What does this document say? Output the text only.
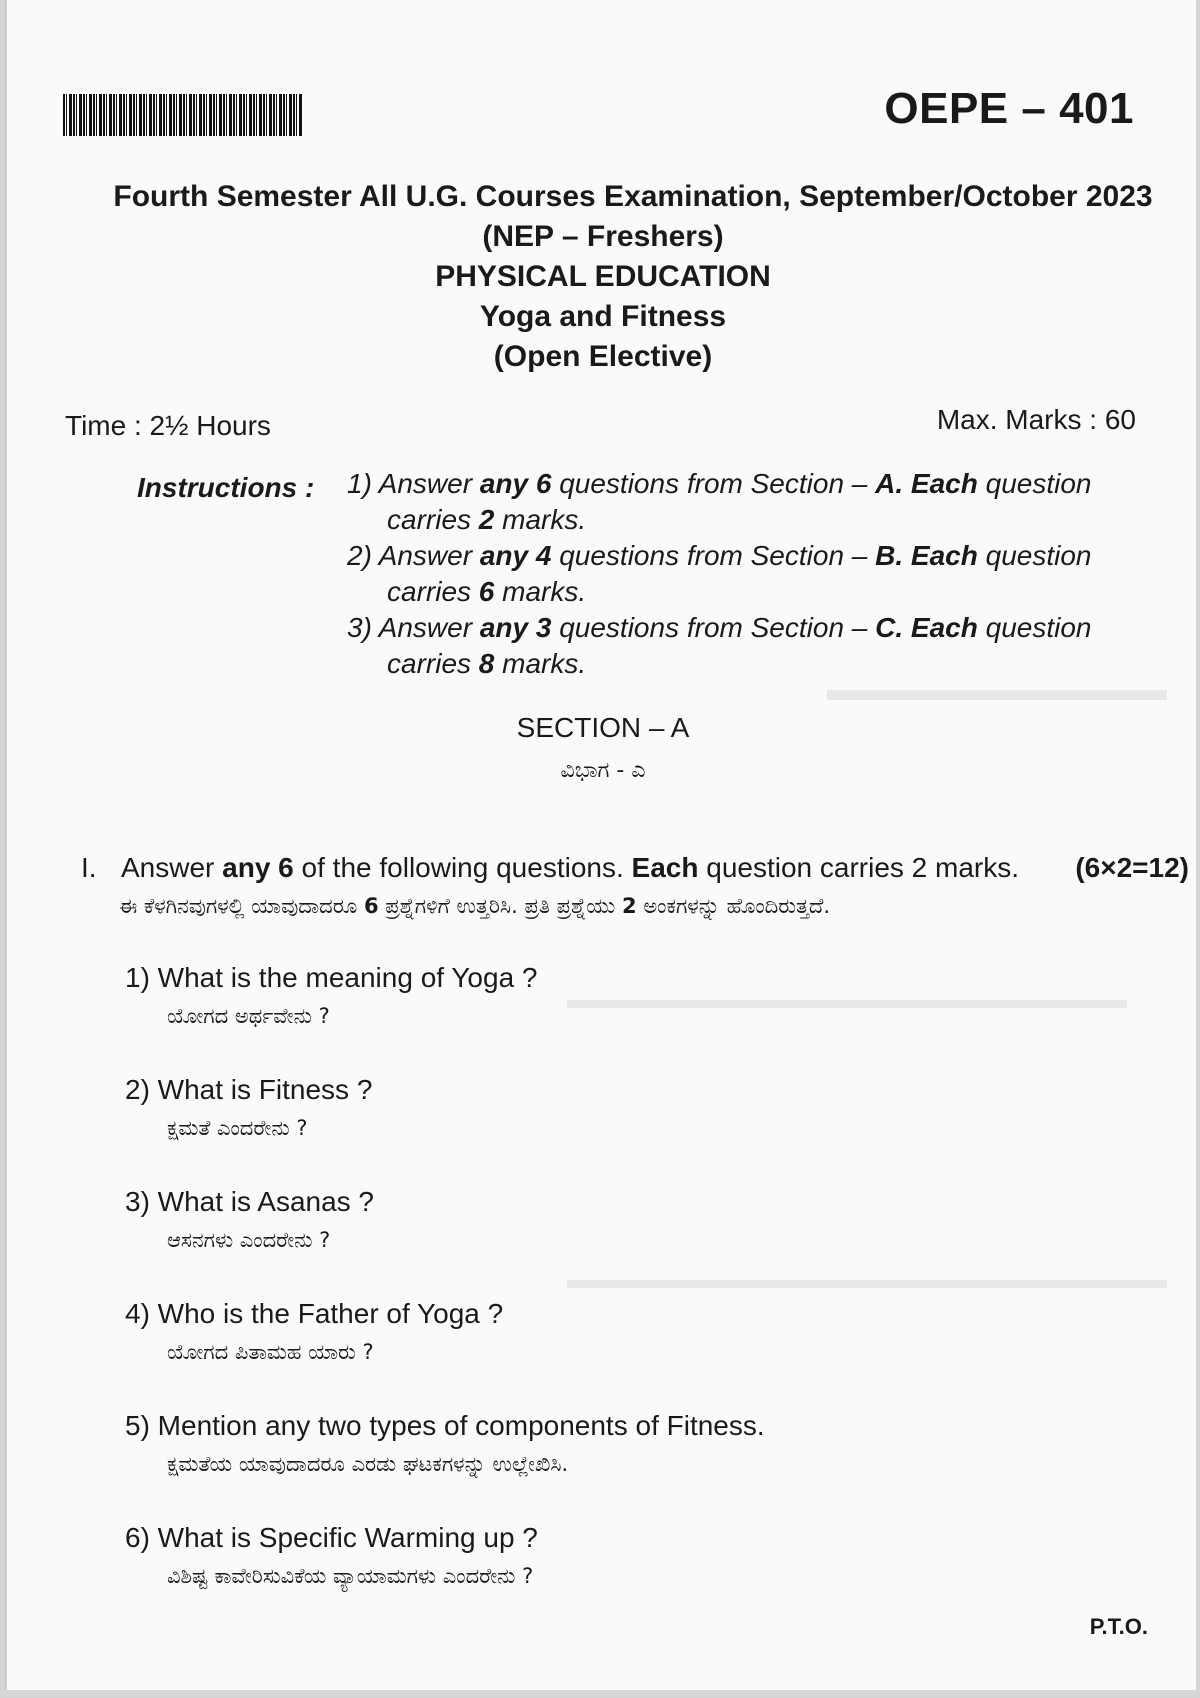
OEPE – 401
Fourth Semester All U.G. Courses Examination, September/October 2023
(NEP – Freshers)
PHYSICAL EDUCATION
Yoga and Fitness
(Open Elective)
Time : 2½ Hours	Max. Marks : 60
Instructions : 1) Answer any 6 questions from Section – A. Each question
carries 2 marks.
2) Answer any 4 questions from Section – B. Each question
carries 6 marks.
3) Answer any 3 questions from Section – C. Each question
carries 8 marks.
SECTION – A
ವಿಭಾಗ - ಎ
I. Answer any 6 of the following questions. Each question carries 2 marks. (6×2=12)
ಈ ಕೆಳಗಿನವುಗಳಲ್ಲಿ ಯಾವುದಾದರೂ 6 ಪ್ರಶ್ನೆಗಳಿಗೆ ಉತ್ತರಿಸಿ. ಪ್ರತಿ ಪ್ರಶ್ನೆಯು 2 ಅಂಕಗಳನ್ನು ಹೊಂದಿರುತ್ತದೆ.
1) What is the meaning of Yoga ?
ಯೋಗದ ಅರ್ಥವೇನು ?
2) What is Fitness ?
ಕ್ಷಮತೆ ಎಂದರೇನು ?
3) What is Asanas ?
ಆಸನಗಳು ಎಂದರೇನು ?
4) Who is the Father of Yoga ?
ಯೋಗದ ಪಿತಾಮಹ ಯಾರು ?
5) Mention any two types of components of Fitness.
ಕ್ಷಮತೆಯ ಯಾವುದಾದರೂ ಎರಡು ಘಟಕಗಳನ್ನು ಉಲ್ಲೇಖಿಸಿ.
6) What is Specific Warming up ?
ವಿಶಿಷ್ಟ ಕಾವೇರಿಸುವಿಕೆಯ ವ್ಯಾಯಾಮಗಳು ಎಂದರೇನು ?
P.T.O.
